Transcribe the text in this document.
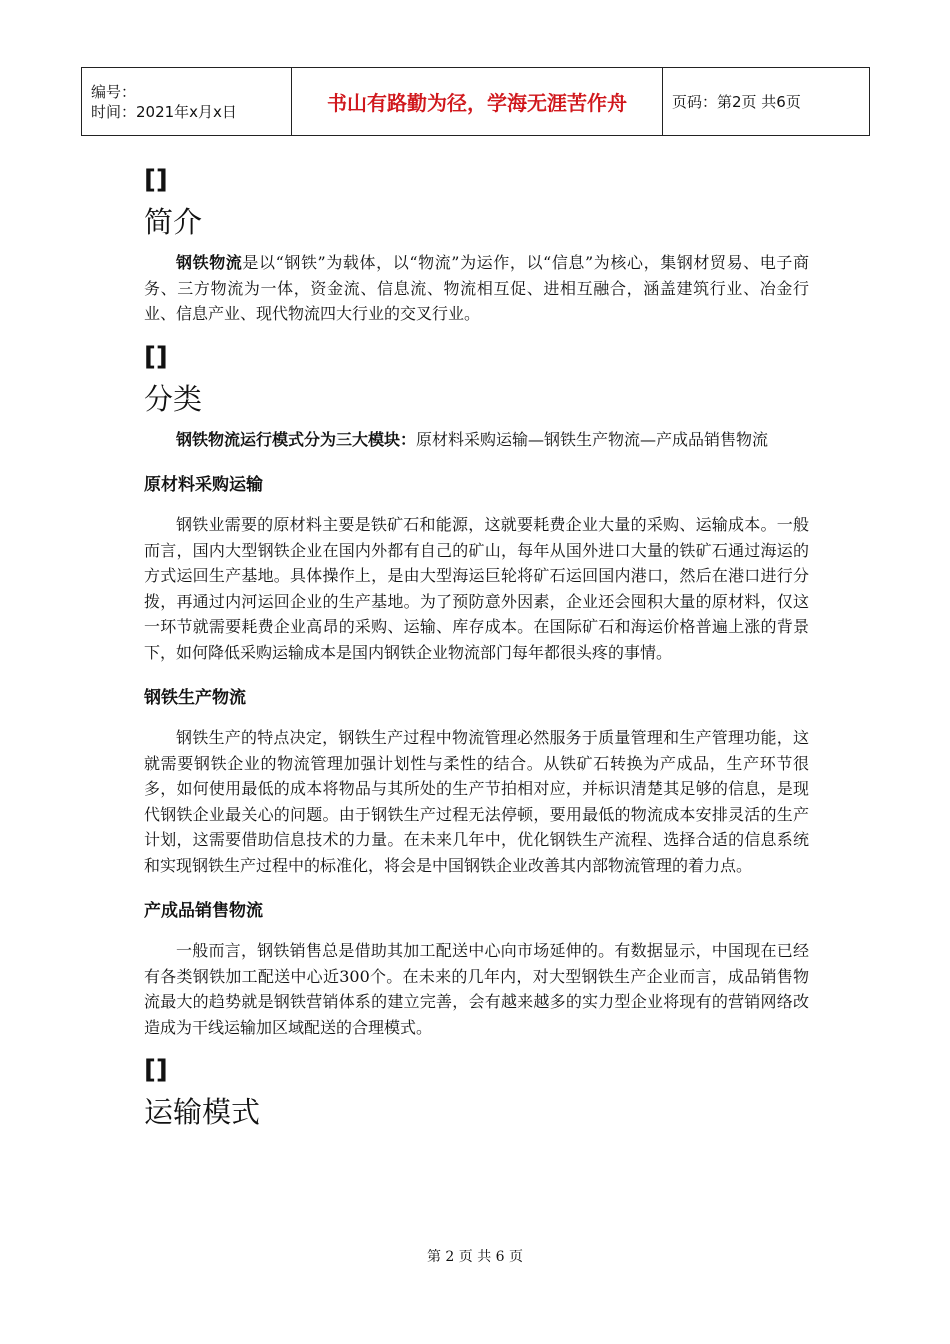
编号：
时间：2021年x月x日	书山有路勤为径，学海无涯苦作舟	页码：第2页 共6页

[]

简介

钢铁物流是以“钢铁”为载体，以“物流”为运作，以“信息”为核心，集钢材贸易、电子商务、三方物流为一体，资金流、信息流、物流相互促、进相互融合，涵盖建筑行业、冶金行业、信息产业、现代物流四大行业的交叉行业。

[]

分类

钢铁物流运行模式分为三大模块：原材料采购运输—钢铁生产物流—产成品销售物流

原材料采购运输

钢铁业需要的原材料主要是铁矿石和能源，这就要耗费企业大量的采购、运输成本。一般而言，国内大型钢铁企业在国内外都有自己的矿山，每年从国外进口大量的铁矿石通过海运的方式运回生产基地。具体操作上，是由大型海运巨轮将矿石运回国内港口，然后在港口进行分拨，再通过内河运回企业的生产基地。为了预防意外因素，企业还会囤积大量的原材料，仅这一环节就需要耗费企业高昂的采购、运输、库存成本。在国际矿石和海运价格普遍上涨的背景下，如何降低采购运输成本是国内钢铁企业物流部门每年都很头疼的事情。

钢铁生产物流

钢铁生产的特点决定，钢铁生产过程中物流管理必然服务于质量管理和生产管理功能，这就需要钢铁企业的物流管理加强计划性与柔性的结合。从铁矿石转换为产成品，生产环节很多，如何使用最低的成本将物品与其所处的生产节拍相对应，并标识清楚其足够的信息，是现代钢铁企业最关心的问题。由于钢铁生产过程无法停顿，要用最低的物流成本安排灵活的生产计划，这需要借助信息技术的力量。在未来几年中，优化钢铁生产流程、选择合适的信息系统和实现钢铁生产过程中的标准化，将会是中国钢铁企业改善其内部物流管理的着力点。

产成品销售物流

一般而言，钢铁销售总是借助其加工配送中心向市场延伸的。有数据显示，中国现在已经有各类钢铁加工配送中心近300个。在未来的几年内，对大型钢铁生产企业而言，成品销售物流最大的趋势就是钢铁营销体系的建立完善，会有越来越多的实力型企业将现有的营销网络改造成为干线运输加区域配送的合理模式。

[]

运输模式
第 2 页 共 6 页
